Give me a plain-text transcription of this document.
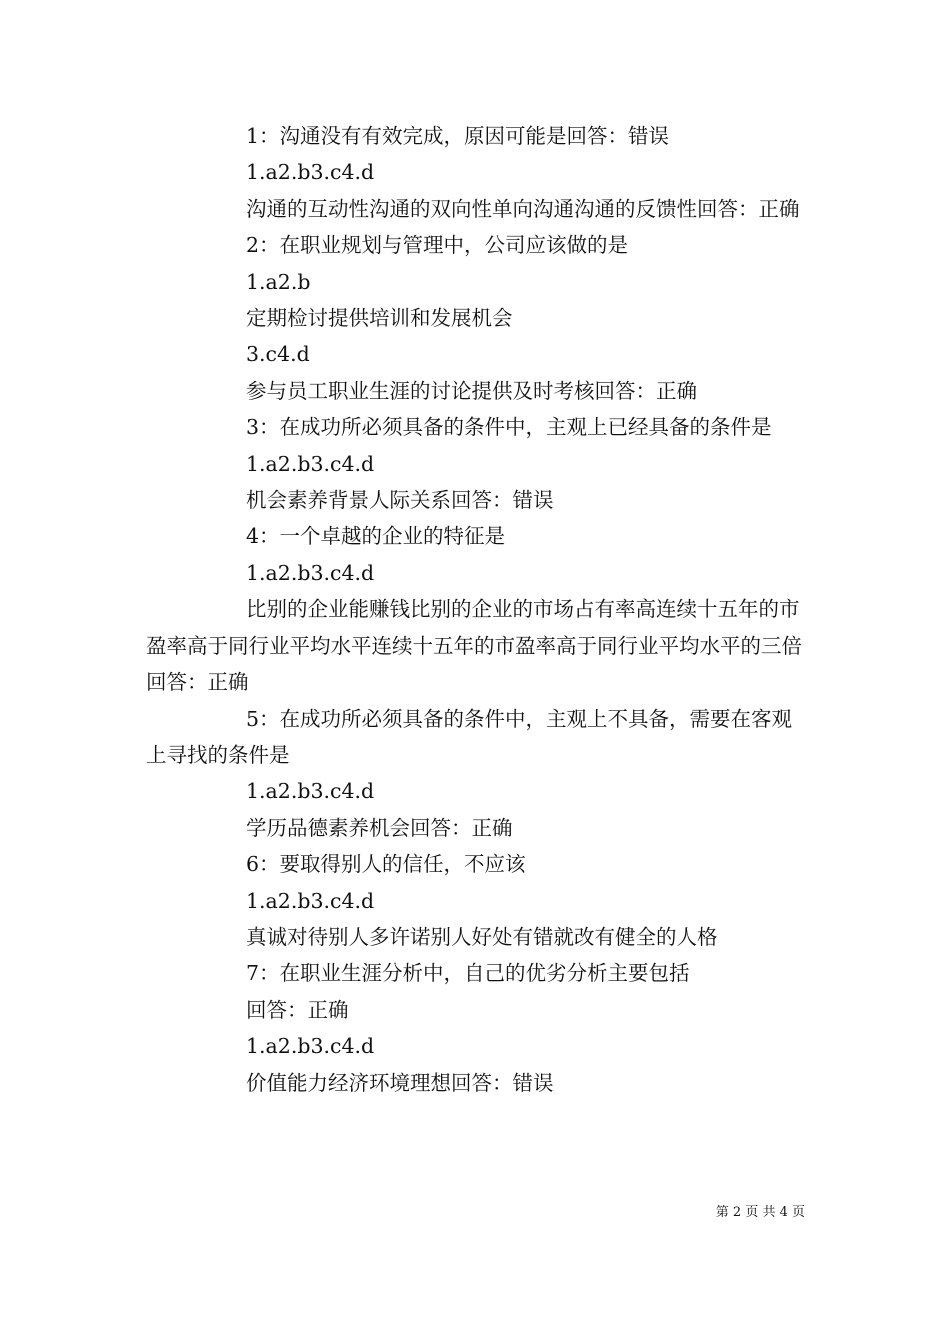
1：沟通没有有效完成，原因可能是回答：错误

1.a2.b3.c4.d

沟通的互动性沟通的双向性单向沟通沟通的反馈性回答：正确

2：在职业规划与管理中，公司应该做的是

1.a2.b

定期检讨提供培训和发展机会

3.c4.d

参与员工职业生涯的讨论提供及时考核回答：正确

3：在成功所必须具备的条件中，主观上已经具备的条件是

1.a2.b3.c4.d

机会素养背景人际关系回答：错误

4：一个卓越的企业的特征是

1.a2.b3.c4.d

比别的企业能赚钱比别的企业的市场占有率高连续十五年的市盈率高于同行业平均水平连续十五年的市盈率高于同行业平均水平的三倍回答：正确

5：在成功所必须具备的条件中，主观上不具备，需要在客观上寻找的条件是

1.a2.b3.c4.d

学历品德素养机会回答：正确

6：要取得别人的信任，不应该

1.a2.b3.c4.d

真诚对待别人多许诺别人好处有错就改有健全的人格

7：在职业生涯分析中，自己的优劣分析主要包括

回答：正确

1.a2.b3.c4.d

价值能力经济环境理想回答：错误

第 2 页 共 4 页
